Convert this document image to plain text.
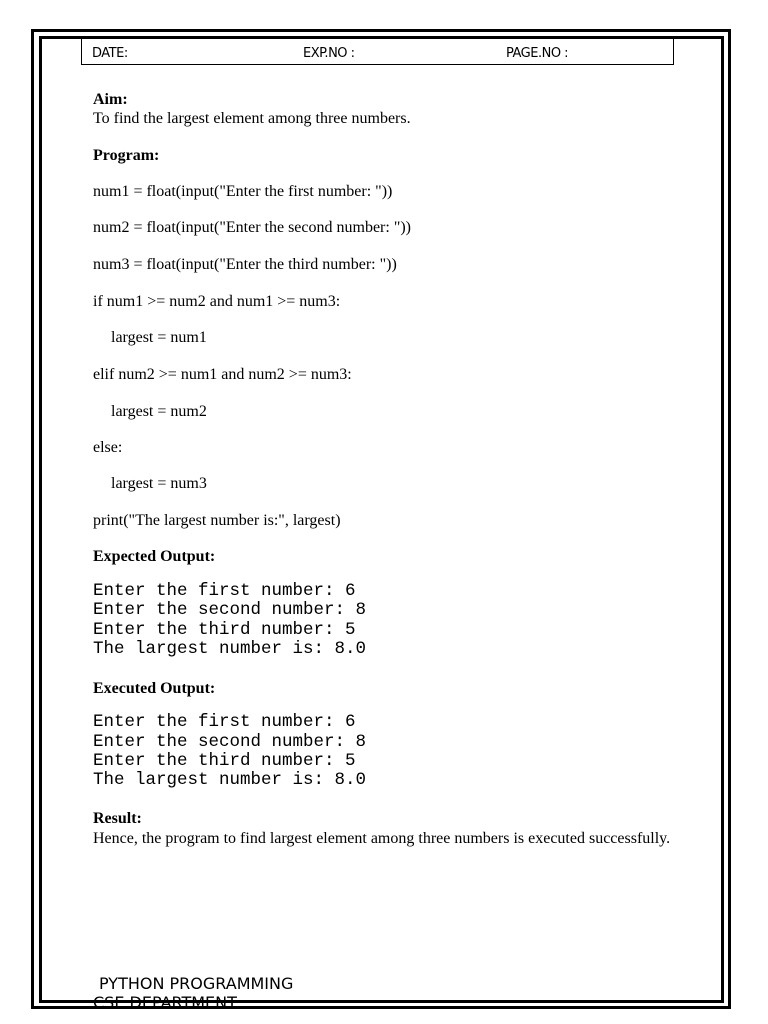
DATE:	EXP.NO :	PAGE.NO :
Aim:
To find the largest element among three numbers.
Program:
num1 = float(input("Enter the first number: "))
num2 = float(input("Enter the second number: "))
num3 = float(input("Enter the third number: "))
if num1 >= num2 and num1 >= num3:
largest = num1
elif num2 >= num1 and num2 >= num3:
largest = num2
else:
largest = num3
print("The largest number is:", largest)
Expected Output:
Enter the first number: 6
Enter the second number: 8
Enter the third number: 5
The largest number is: 8.0
Executed Output:
Enter the first number: 6
Enter the second number: 8
Enter the third number: 5
The largest number is: 8.0
Result:
Hence, the program to find largest element among three numbers is executed successfully.
PYTHON PROGRAMMING
CSE DEPARTMENT
